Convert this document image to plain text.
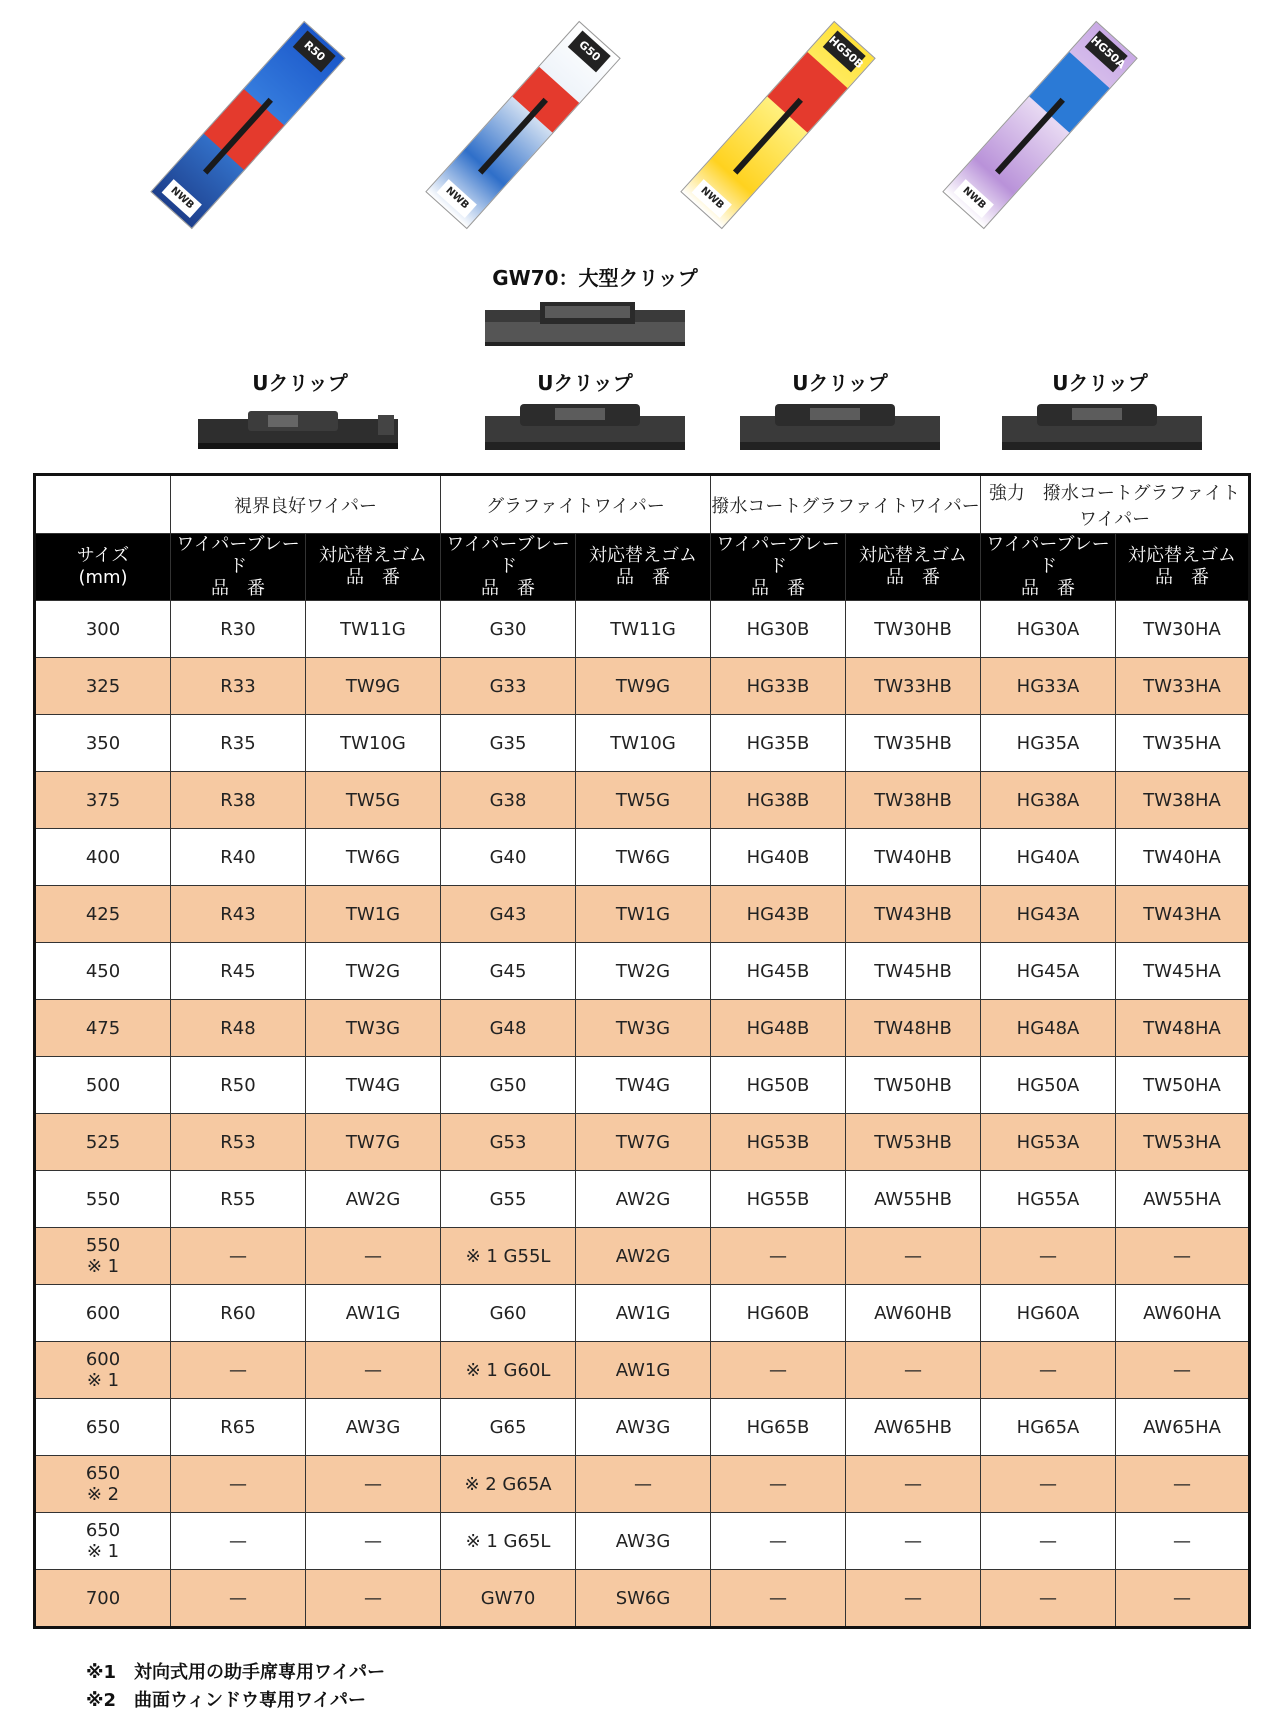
R50
NWB
G50
NWB
HG50B
NWB
HG50A
NWB
GW70：大型クリップ
Uクリップ	Uクリップ	Uクリップ	Uクリップ
	視界良好ワイパー		グラファイトワイパー		撥水コートグラファイトワイパー		強力　撥水コートグラファイトワイパー	

サイズ
(mm)	ワイパーブレード
品　番	対応替えゴム
品　番	ワイパーブレード
品　番	対応替えゴム
品　番	ワイパーブレード
品　番	対応替えゴム
品　番	ワイパーブレード
品　番	対応替えゴム
品　番

300	R30	TW11G	G30	TW11G	HG30B	TW30HB	HG30A	TW30HA

325	R33	TW9G	G33	TW9G	HG33B	TW33HB	HG33A	TW33HA

350	R35	TW10G	G35	TW10G	HG35B	TW35HB	HG35A	TW35HA

375	R38	TW5G	G38	TW5G	HG38B	TW38HB	HG38A	TW38HA

400	R40	TW6G	G40	TW6G	HG40B	TW40HB	HG40A	TW40HA

425	R43	TW1G	G43	TW1G	HG43B	TW43HB	HG43A	TW43HA

450	R45	TW2G	G45	TW2G	HG45B	TW45HB	HG45A	TW45HA

475	R48	TW3G	G48	TW3G	HG48B	TW48HB	HG48A	TW48HA

500	R50	TW4G	G50	TW4G	HG50B	TW50HB	HG50A	TW50HA

525	R53	TW7G	G53	TW7G	HG53B	TW53HB	HG53A	TW53HA

550	R55	AW2G	G55	AW2G	HG55B	AW55HB	HG55A	AW55HA

550
※ 1	—	—	※ 1 G55L	AW2G	—	—	—	—

600	R60	AW1G	G60	AW1G	HG60B	AW60HB	HG60A	AW60HA

600
※ 1	—	—	※ 1 G60L	AW1G	—	—	—	—

650	R65	AW3G	G65	AW3G	HG65B	AW65HB	HG65A	AW65HA

650
※ 2	—	—	※ 2 G65A	—	—	—	—	—

650
※ 1	—	—	※ 1 G65L	AW3G	—	—	—	—

700	—	—	GW70	SW6G	—	—	—	—
※1　対向式用の助手席専用ワイパー
※2　曲面ウィンドウ専用ワイパー
